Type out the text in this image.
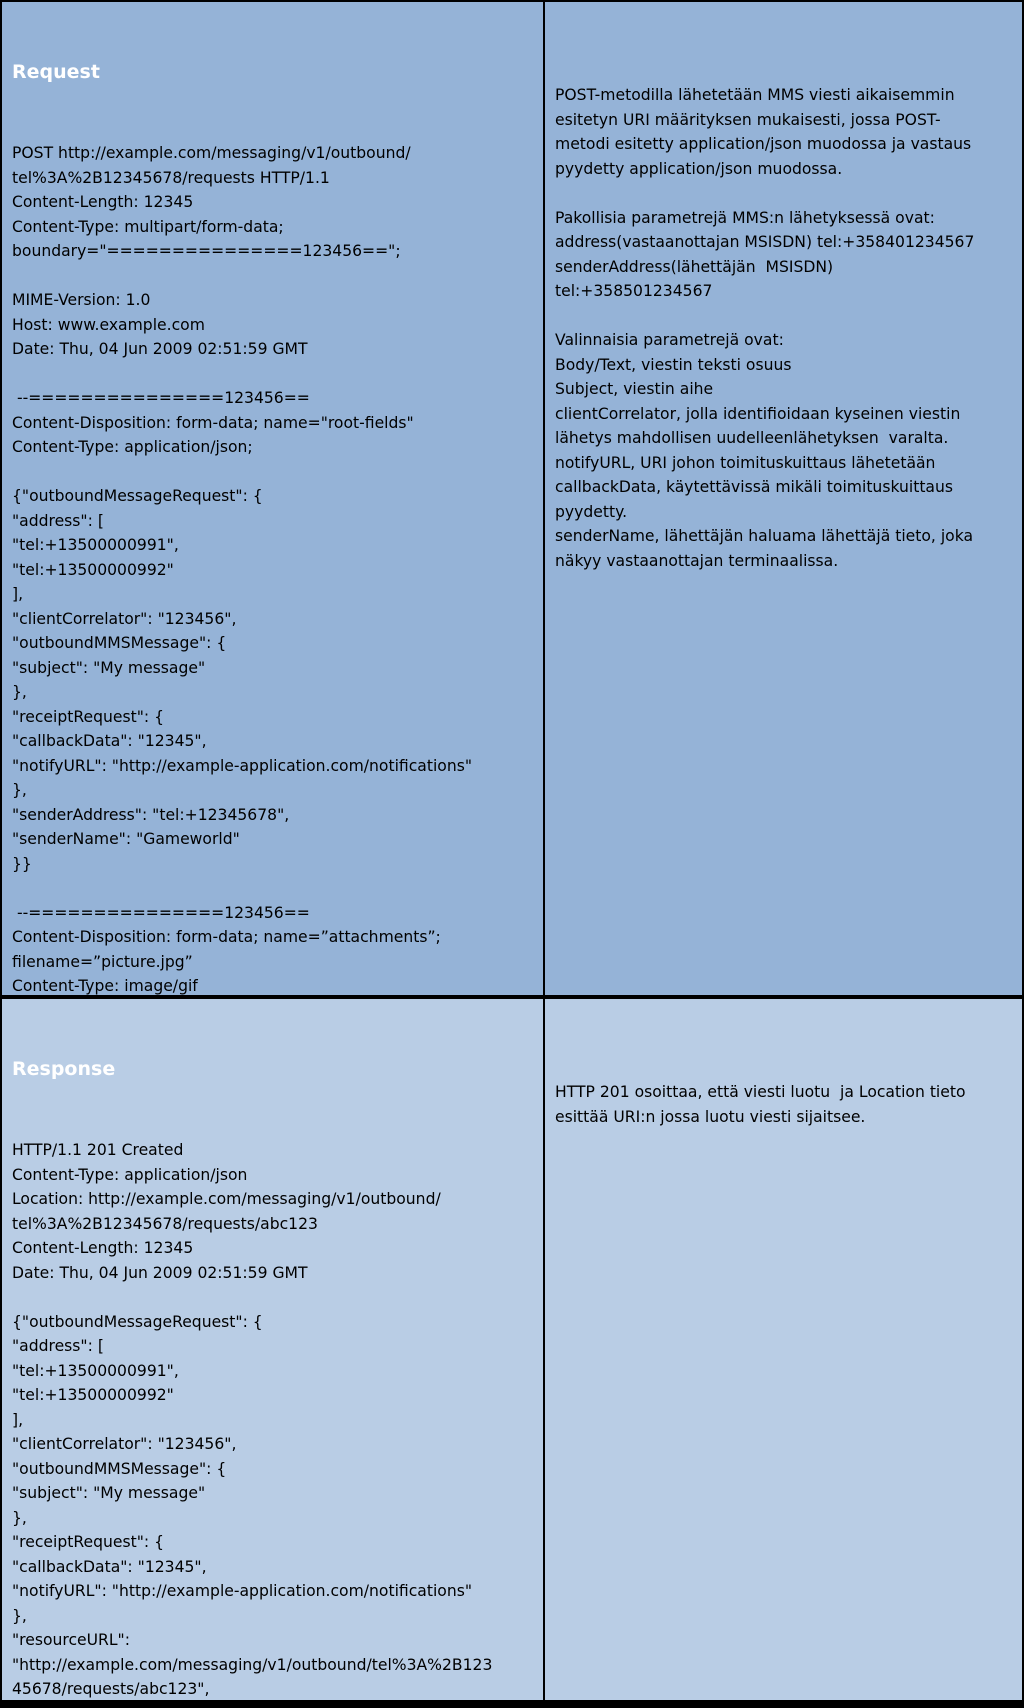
Request

POST http://example.com/messaging/v1/outbound/
tel%3A%2B12345678/requests HTTP/1.1
Content-Length: 12345
Content-Type: multipart/form-data;
boundary="===============123456==";
MIME-Version: 1.0
Host: www.example.com
Date: Thu, 04 Jun 2009 02:51:59 GMT
--===============123456==
Content-Disposition: form-data; name="root-fields"
Content-Type: application/json;
{"outboundMessageRequest": {
"address": [
"tel:+13500000991",
"tel:+13500000992"
],
"clientCorrelator": "123456",
"outboundMMSMessage": {
"subject": "My message"
},
"receiptRequest": {
"callbackData": "12345",
"notifyURL": "http://example-application.com/notifications"
},
"senderAddress": "tel:+12345678",
"senderName": "Gameworld"
}}
--===============123456==
Content-Disposition: form-data; name=”attachments”;
filename=”picture.jpg”
Content-Type: image/gif

POST-metodilla lähetetään MMS viesti aikaisemmin
esitetyn URI määrityksen mukaisesti, jossa POST-
metodi esitetty application/json muodossa ja vastaus
pyydetty application/json muodossa.
Pakollisia parametrejä MMS:n lähetyksessä ovat:
address(vastaanottajan MSISDN) tel:+358401234567
senderAddress(lähettäjän  MSISDN)
tel:+358501234567
Valinnaisia parametrejä ovat:
Body/Text, viestin teksti osuus
Subject, viestin aihe
clientCorrelator, jolla identifioidaan kyseinen viestin
lähetys mahdollisen uudelleenlähetyksen  varalta.
notifyURL, URI johon toimituskuittaus lähetetään
callbackData, käytettävissä mikäli toimituskuittaus
pyydetty.
senderName, lähettäjän haluama lähettäjä tieto, joka
näkyy vastaanottajan terminaalissa.

Response

HTTP/1.1 201 Created
Content-Type: application/json
Location: http://example.com/messaging/v1/outbound/
tel%3A%2B12345678/requests/abc123
Content-Length: 12345
Date: Thu, 04 Jun 2009 02:51:59 GMT
{"outboundMessageRequest": {
"address": [
"tel:+13500000991",
"tel:+13500000992"
],
"clientCorrelator": "123456",
"outboundMMSMessage": {
"subject": "My message"
},
"receiptRequest": {
"callbackData": "12345",
"notifyURL": "http://example-application.com/notifications"
},
"resourceURL":
"http://example.com/messaging/v1/outbound/tel%3A%2B123
45678/requests/abc123",

HTTP 201 osoittaa, että viesti luotu  ja Location tieto
esittää URI:n jossa luotu viesti sijaitsee.
